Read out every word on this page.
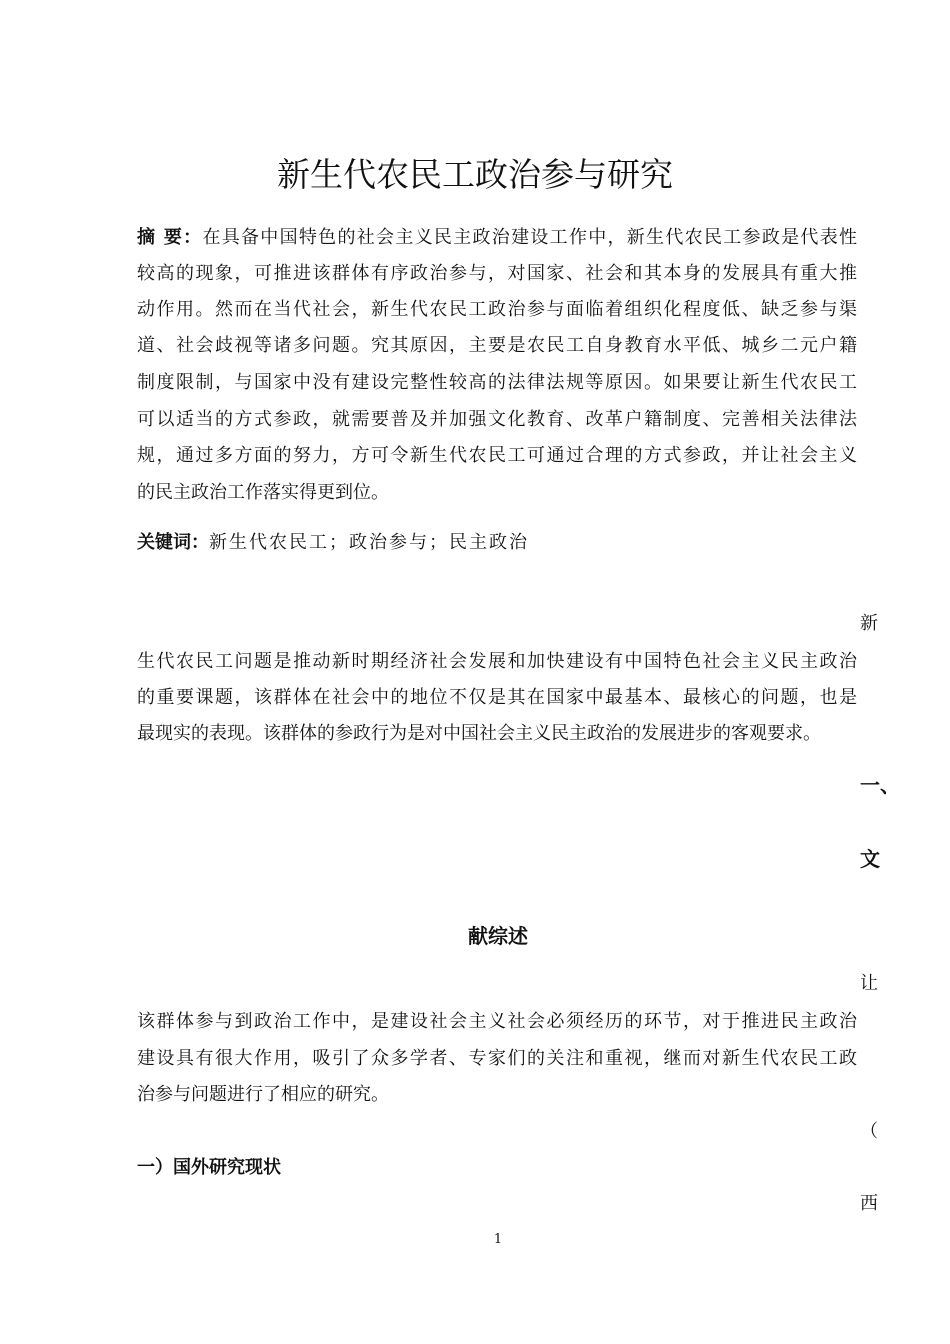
新生代农民工政治参与研究
摘 要：在具备中国特色的社会主义民主政治建设工作中，新生代农民工参政是代表性
较高的现象，可推进该群体有序政治参与，对国家、社会和其本身的发展具有重大推
动作用。然而在当代社会，新生代农民工政治参与面临着组织化程度低、缺乏参与渠
道、社会歧视等诸多问题。究其原因，主要是农民工自身教育水平低、城乡二元户籍
制度限制，与国家中没有建设完整性较高的法律法规等原因。如果要让新生代农民工
可以适当的方式参政，就需要普及并加强文化教育、改革户籍制度、完善相关法律法
规，通过多方面的努力，方可令新生代农民工可通过合理的方式参政，并让社会主义
的民主政治工作落实得更到位。
关键词：新生代农民工；政治参与；民主政治
新
生代农民工问题是推动新时期经济社会发展和加快建设有中国特色社会主义民主政治
的重要课题，该群体在社会中的地位不仅是其在国家中最基本、最核心的问题，也是
最现实的表现。该群体的参政行为是对中国社会主义民主政治的发展进步的客观要求。
一、
文
献综述
让
该群体参与到政治工作中，是建设社会主义社会必须经历的环节，对于推进民主政治
建设具有很大作用，吸引了众多学者、专家们的关注和重视，继而对新生代农民工政
治参与问题进行了相应的研究。
（
一）国外研究现状
西
1
